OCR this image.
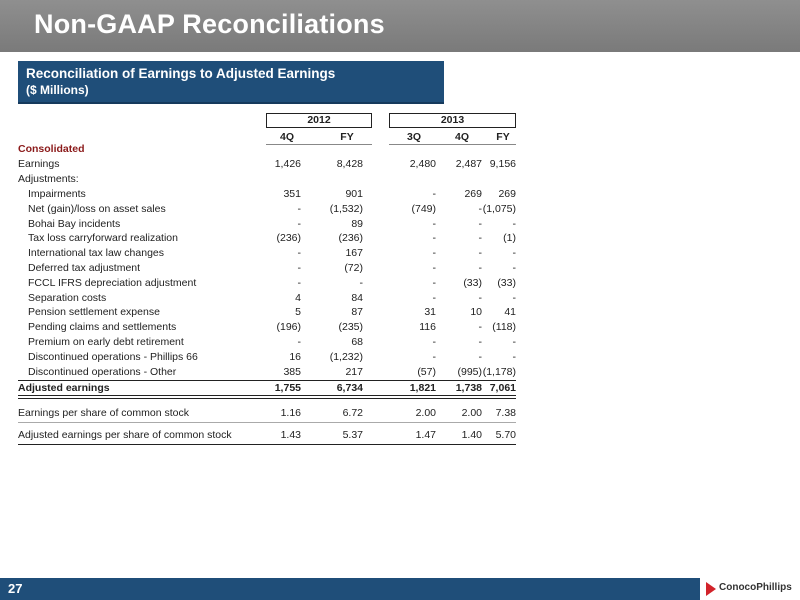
Non-GAAP Reconciliations
Reconciliation of Earnings to Adjusted Earnings
($ Millions)
2012	2013
4Q	FY	3Q	4Q	FY
Consolidated
Earnings	1,426	8,428	2,480	2,487 9,156
Adjustments:
Impairments	351	901	-	269	269
Net (gain)/loss on asset sales	-	(1,532)	(749)	- (1,075)
Bohai Bay incidents	-	89	-	-	-
Tax loss carryforward realization	(236)	(236)	-	-	(1)
International tax law changes	-	167	-	-	-
Deferred tax adjustment	-	(72)	-	-	-
FCCL IFRS depreciation adjustment	-	-	-	(33)	(33)
Separation costs	4	84	-	-	-
Pension settlement expense	5	87	31	10	41
Pending claims and settlements	(196)	(235)	116	- (118)
Premium on early debt retirement	-	68	-	-	-
Discontinued operations - Phillips 66	16	(1,232)	-	-	-
Discontinued operations - Other	385	217	(57)	(995) (1,178)
Adjusted earnings	1,755	6,734	1,821	1,738 7,061
Earnings per share of common stock	1.16	6.72	2.00	2.00	7.38
Adjusted earnings per share of common stock	1.43	5.37	1.47	1.40	5.70
27	ConocoPhillips
